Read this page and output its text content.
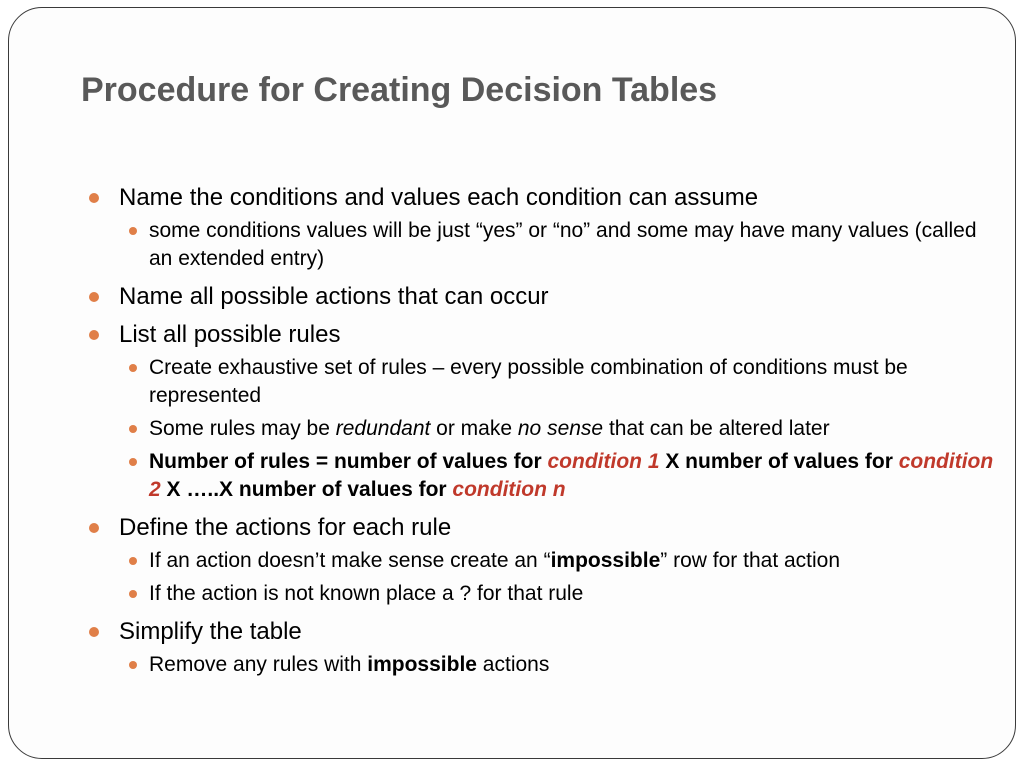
Procedure for Creating Decision Tables
Name the conditions and values each condition can assume
some conditions values will be just “yes” or “no” and some may have many values (called an extended entry)
Name all possible actions that can occur
List all possible rules
Create exhaustive set of rules – every possible combination of conditions must be represented
Some rules may be redundant or make no sense that can be altered later
Number of rules = number of values for condition 1 X number of values for condition 2 X …..X number of values for condition n
Define the actions for each rule
If an action doesn’t make sense create an “impossible” row for that action
If the action is not known place a ? for that rule
Simplify the table
Remove any rules with impossible actions
